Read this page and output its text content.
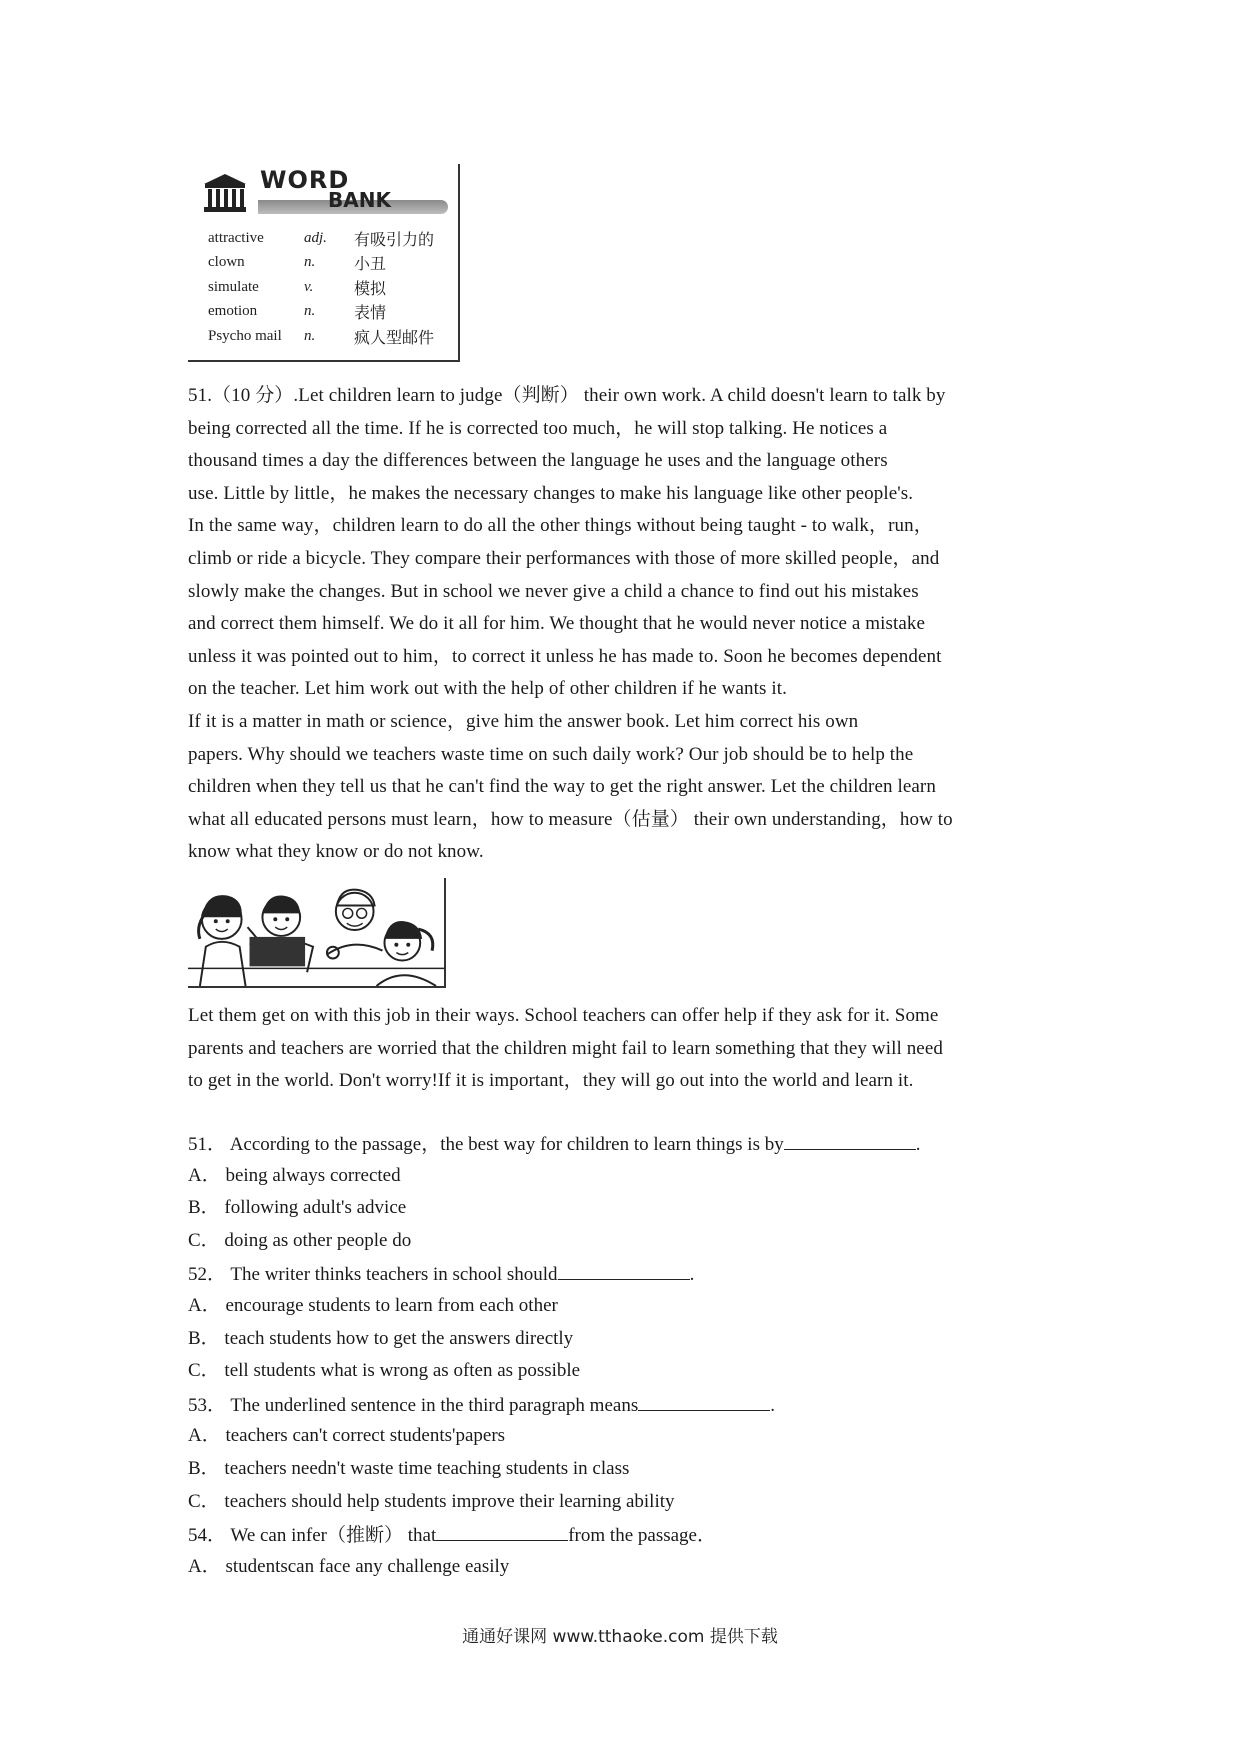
WORD
BANK
attractive	adj.	有吸引力的
clown	n.	小丑
simulate	v.	模拟
emotion	n.	表情
Psycho mail	n.	疯人型邮件

51.（10 分）.Let children learn to judge（判断） their own work. A child doesn't learn to talk by
being corrected all the time. If he is corrected too much，he will stop talking. He notices a
thousand times a day the differences between the language he uses and the language others
use. Little by little，he makes the necessary changes to make his language like other people's.

In the same way，children learn to do all the other things without being taught - to walk，run，
climb or ride a bicycle. They compare their performances with those of more skilled people，and
slowly make the changes. But in school we never give a child a chance to find out his mistakes
and correct them himself. We do it all for him. We thought that he would never notice a mistake
unless it was pointed out to him，to correct it unless he has made to. Soon he becomes dependent
on the teacher. Let him work out with the help of other children if he wants it.

If it is a matter in math or science，give him the answer book. Let him correct his own
papers. Why should we teachers waste time on such daily work? Our job should be to help the
children when they tell us that he can't find the way to get the right answer. Let the children learn
what all educated persons must learn，how to measure（估量） their own understanding，how to
know what they know or do not know.

Let them get on with this job in their ways. School teachers can offer help if they ask for it. Some
parents and teachers are worried that the children might fail to learn something that they will need
to get in the world. Don't worry!If it is important，they will go out into the world and learn it.

51． According to the passage，the best way for children to learn things is by	.
A． being always corrected
B． following adult's advice
C． doing as other people do
52． The writer thinks teachers in school should	.
A． encourage students to learn from each other
B． teach students how to get the answers directly
C． tell students what is wrong as often as possible
53． The underlined sentence in the third paragraph means	.
A． teachers can't correct students'papers
B． teachers needn't waste time teaching students in class
C． teachers should help students improve their learning ability
54． We can infer（推断） that	from the passage．
A． studentscan face any challenge easily
通通好课网 www.tthaoke.com 提供下载
